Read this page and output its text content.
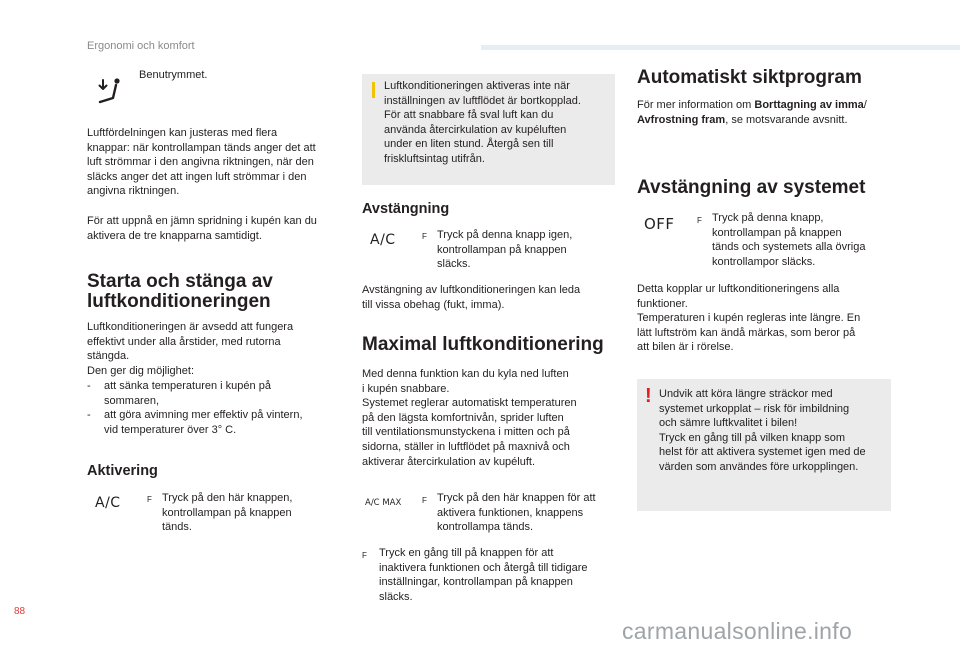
Ergonomi och komfort

Benutrymmet.

Luftfördelningen kan justeras med flera

knappar: när kontrollampan tänds anger det att

luft strömmar i den angivna riktningen, när den

släcks anger det att ingen luft strömmar i den

angivna riktningen.

För att uppnå en jämn spridning i kupén kan du

aktivera de tre knapparna samtidigt.

Starta och stänga av

luftkonditioneringen

Luftkonditioneringen är avsedd att fungera

effektivt under alla årstider, med rutorna

stängda.

Den ger dig möjlighet:

-	att sänka temperaturen i kupén på

sommaren,

-	att göra avimning mer effektiv på vintern,

vid temperaturer över 3° C.

Aktivering

A/C	F Tryck på den här knappen,

kontrollampan på knappen

tänds.

Luftkonditioneringen aktiveras inte när

inställningen av luftflödet är bortkopplad.

För att snabbare få sval luft kan du

använda återcirkulation av kupéluften

under en liten stund. Återgå sen till

friskluftsintag utifrån.

Avstängning

A/C	F Tryck på denna knapp igen,

kontrollampan på knappen

släcks.

Avstängning av luftkonditioneringen kan leda

till vissa obehag (fukt, imma).

Maximal luftkonditionering

Med denna funktion kan du kyla ned luften

i kupén snabbare.

Systemet reglerar automatiskt temperaturen

på den lägsta komfortnivån, sprider luften

till ventilationsmunstyckena i mitten och på

sidorna, ställer in luftflödet på maxnivå och

aktiverar återcirkulation av kupéluft.

A/C MAX	F Tryck på den här knappen för att

aktivera funktionen, knappens

kontrollampa tänds.

F Tryck en gång till på knappen för att

inaktivera funktionen och återgå till tidigare

inställningar, kontrollampan på knappen

släcks.

Automatiskt siktprogram

För mer information om Borttagning av imma/
Avfrostning fram, se motsvarande avsnitt.

Avstängning av systemet

OFF	F Tryck på denna knapp,

kontrollampan på knappen

tänds och systemets alla övriga

kontrollampor släcks.

Detta kopplar ur luftkonditioneringens alla

funktioner.

Temperaturen i kupén regleras inte längre. En

lätt luftström kan ändå märkas, som beror på

att bilen är i rörelse.

! Undvik att köra längre sträckor med

systemet urkopplat – risk för imbildning

och sämre luftkvalitet i bilen!

Tryck en gång till på vilken knapp som

helst för att aktivera systemet igen med de

värden som användes före urkopplingen.

88
carmanualsonline.info
